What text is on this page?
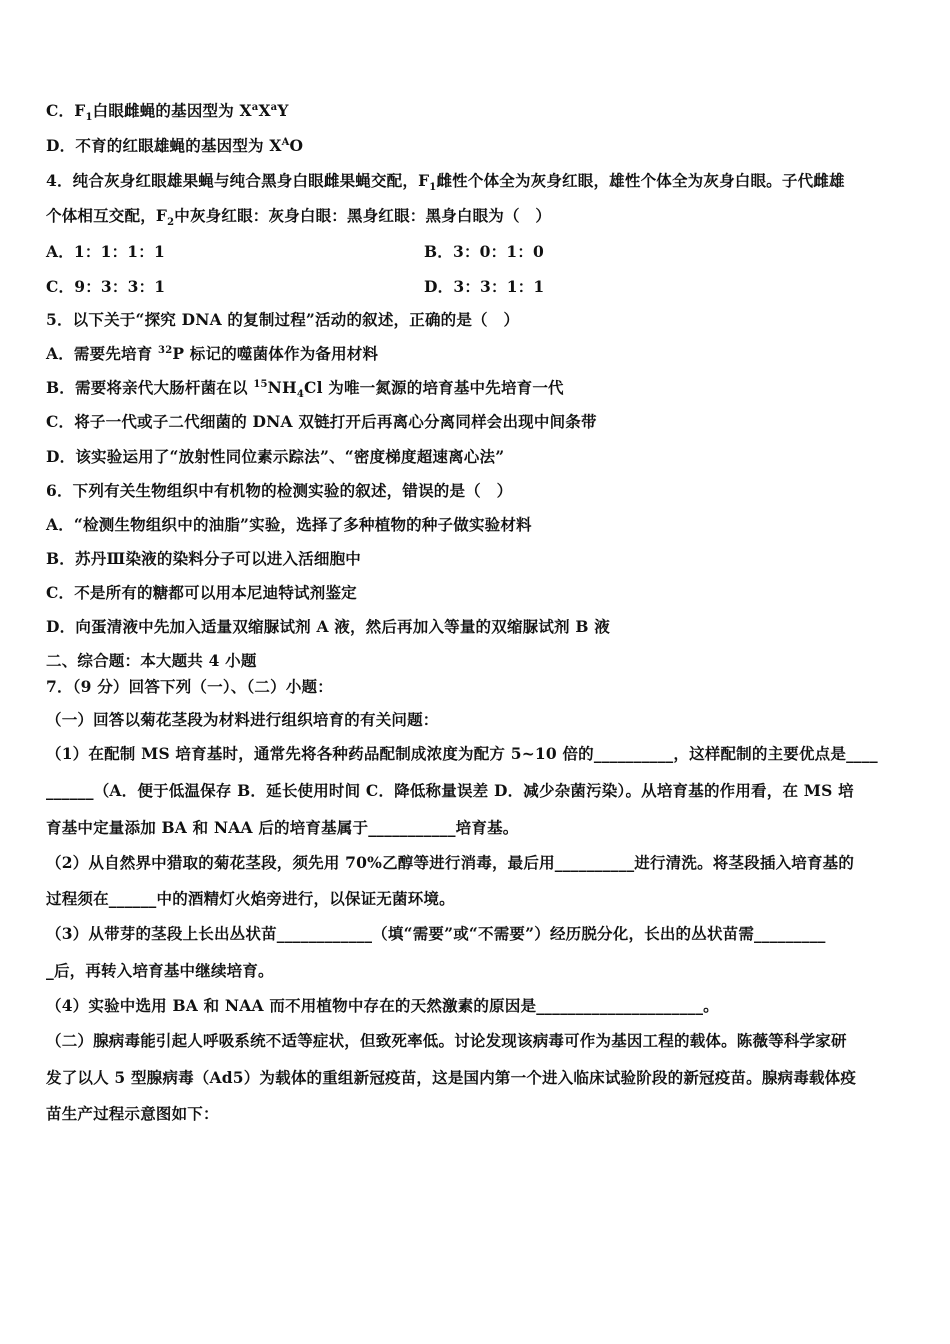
C．$F_1$白眼雌蝇的基因型为 $X^aX^aY$
D．不育的红眼雄蝇的基因型为 $X^AO$
4．纯合灰身红眼雄果蝇与纯合黑身白眼雌果蝇交配，$F_1$雌性个体全为灰身红眼，雄性个体全为灰身白眼。子代雌雄
个体相互交配，$F_2$中灰身红眼：灰身白眼：黑身红眼：黑身白眼为（　）
A．1：1：1：1	B．3：0：1：0
C．9：3：3：1	D．3：3：1：1
5．以下关于“探究 DNA 的复制过程”活动的叙述，正确的是（　）
A．需要先培育 $^{32}$P 标记的噬菌体作为备用材料
B．需要将亲代大肠杆菌在以 $^{15}NH_4Cl$ 为唯一氮源的培育基中先培育一代
C．将子一代或子二代细菌的 DNA 双链打开后再离心分离同样会出现中间条带
D．该实验运用了“放射性同位素示踪法”、“密度梯度超速离心法”
6．下列有关生物组织中有机物的检测实验的叙述，错误的是（　）
A．“检测生物组织中的油脂”实验，选择了多种植物的种子做实验材料
B．苏丹Ⅲ染液的染料分子可以进入活细胞中
C．不是所有的糖都可以用本尼迪特试剂鉴定
D．向蛋清液中先加入适量双缩脲试剂 A 液，然后再加入等量的双缩脲试剂 B 液
二、综合题：本大题共 4 小题
7．（9 分）回答下列（一）、（二）小题：
（一）回答以菊花茎段为材料进行组织培育的有关问题：
（1）在配制 MS 培育基时，通常先将各种药品配制成浓度为配方 5~10 倍的__________，这样配制的主要优点是____
______（A．便于低温保存 B．延长使用时间 C．降低称量误差 D．减少杂菌污染）。从培育基的作用看，在 MS 培
育基中定量添加 BA 和 NAA 后的培育基属于___________培育基。
（2）从自然界中猎取的菊花茎段，须先用 70%乙醇等进行消毒，最后用__________进行清洗。将茎段插入培育基的
过程须在______中的酒精灯火焰旁进行，以保证无菌环境。
（3）从带芽的茎段上长出丛状苗____________（填“需要”或“不需要”）经历脱分化，长出的丛状苗需_________
_后，再转入培育基中继续培育。
（4）实验中选用 BA 和 NAA 而不用植物中存在的天然激素的原因是_____________________。
（二）腺病毒能引起人呼吸系统不适等症状，但致死率低。讨论发现该病毒可作为基因工程的载体。陈薇等科学家研
发了以人 5 型腺病毒（Ad5）为载体的重组新冠疫苗，这是国内第一个进入临床试验阶段的新冠疫苗。腺病毒载体疫
苗生产过程示意图如下：
